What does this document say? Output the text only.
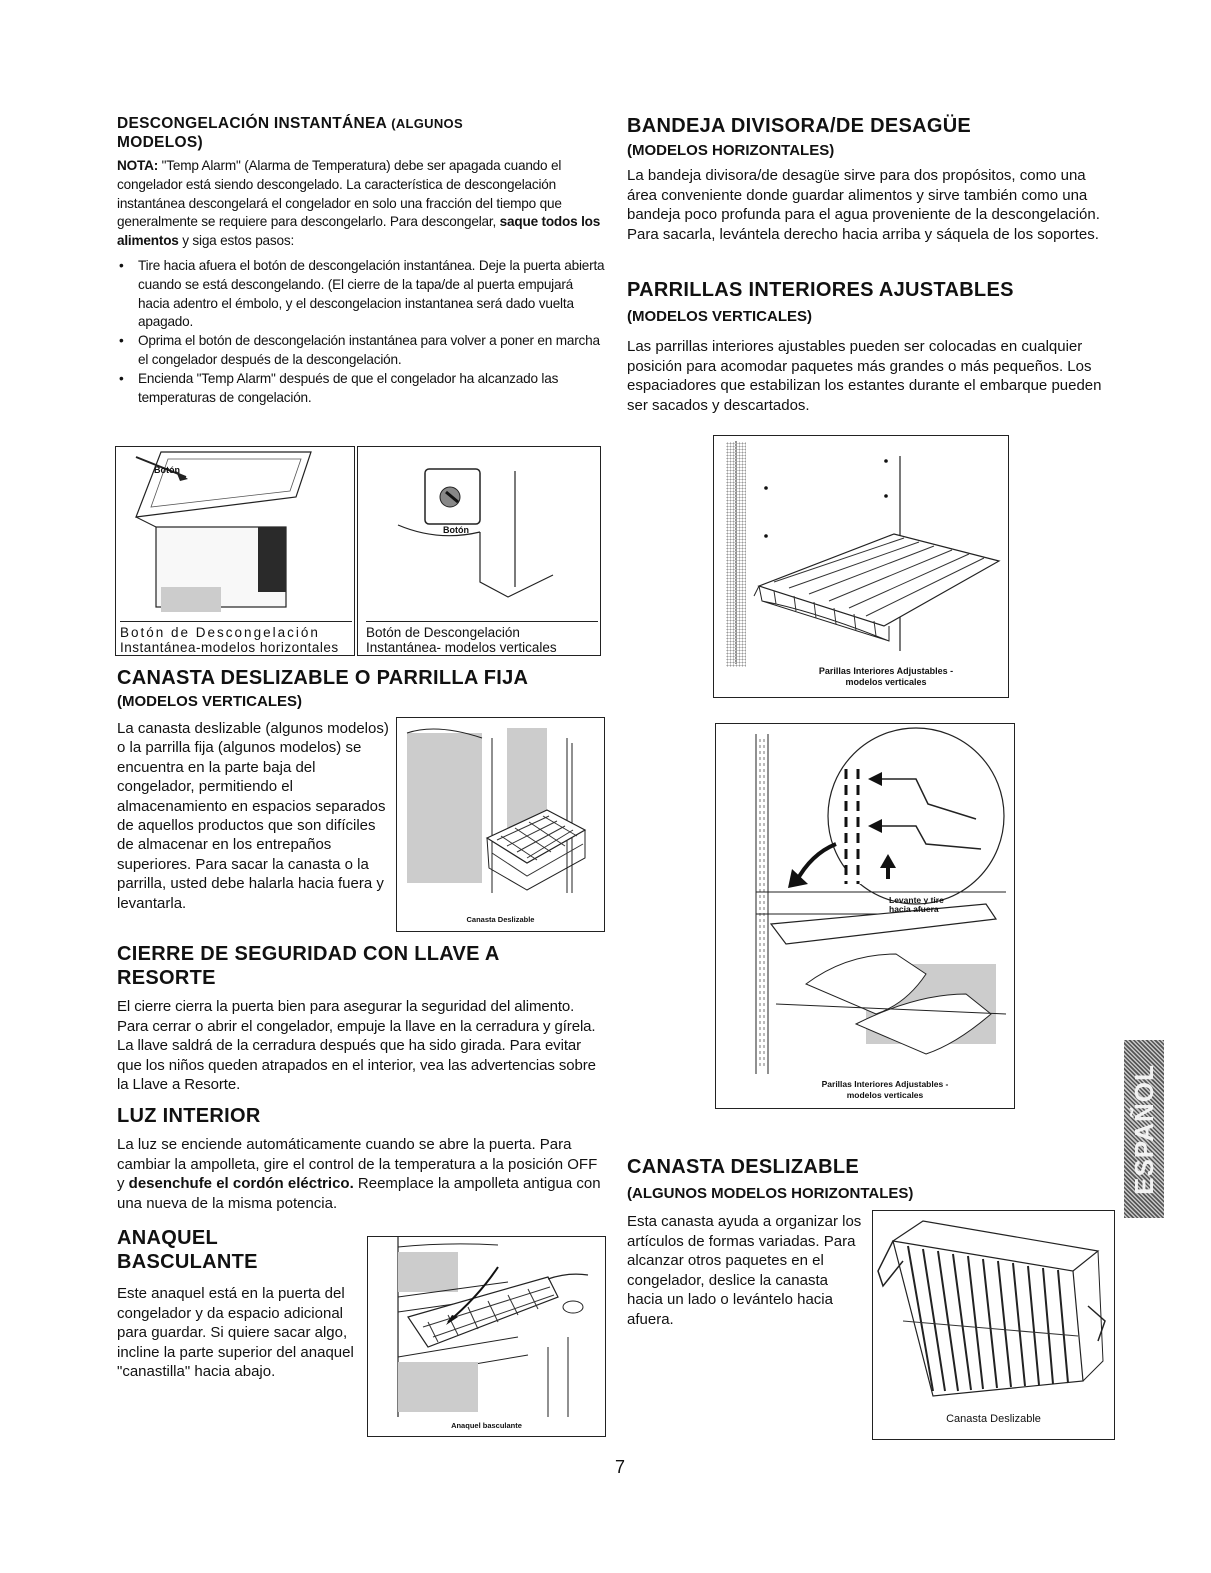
DESCONGELACIÓN INSTANTÁNEA (ALGUNOS
MODELOS)

NOTA: "Temp Alarm" (Alarma de Temperatura) debe ser apagada cuando el congelador está siendo descongelado. La característica de descongelación instantánea descongelará el congelador en solo una fracción del tiempo que generalmente se requiere para descongelarlo. Para descongelar, saque todos los alimentos y siga estos pasos:

• Tire hacia afuera el botón de descongelación instantánea. Deje la puerta abierta cuando se está descongelando. (El cierre de la tapa/de al puerta empujará hacia adentro el émbolo, y el descongelacion instantanea será dado vuelta apagado.
• Oprima el botón de descongelación instantánea para volver a poner en marcha el congelador después de la descongelación.
• Encienda "Temp Alarm" después de que el congelador ha alcanzado las temperaturas de congelación.
Botón
Botón de Descongelación
Instantánea-modelos horizontales
Botón
Botón de Descongelación
Instantánea- modelos verticales
CANASTA DESLIZABLE O PARRILLA FIJA
(MODELOS VERTICALES)

La canasta deslizable (algunos modelos) o la parrilla fija (algunos modelos) se encuentra en la parte baja del congelador, permitiendo el almacenamiento en espacios separados de aquellos productos que son difíciles de almacenar en los entrepaños superiores. Para sacar la canasta o la parrilla, usted debe halarla hacia fuera y levantarla.

Canasta Deslizable
CIERRE DE SEGURIDAD CON LLAVE A
RESORTE

El cierre cierra la puerta bien para asegurar la seguridad del alimento. Para cerrar o abrir el congelador, empuje la llave en la cerradura y gírela. La llave saldrá de la cerradura después que ha sido girada. Para evitar que los niños queden atrapados en el interior, vea las advertencias sobre la Llave a Resorte.

LUZ INTERIOR

La luz se enciende automáticamente cuando se abre la puerta. Para cambiar la ampolleta, gire el control de la temperatura a la posición OFF y desenchufe el cordón eléctrico. Reemplace la ampolleta antigua con una nueva de la misma potencia.

ANAQUEL
BASCULANTE

Este anaquel está en la puerta del congelador y da espacio adicional para guardar. Si quiere sacar algo, incline la parte superior del anaquel "canastilla" hacia abajo.

Anaquel basculante
BANDEJA DIVISORA/DE DESAGÜE
(MODELOS HORIZONTALES)

La bandeja divisora/de desagüe sirve para dos propósitos, como una área conveniente donde guardar alimentos y sirve también como una bandeja poco profunda para el agua proveniente de la descongelación. Para sacarla, levántela derecho hacia arriba y sáquela de los soportes.

PARRILLAS INTERIORES AJUSTABLES
(MODELOS VERTICALES)

Las parrillas interiores ajustables pueden ser colocadas en cualquier posición para acomodar paquetes más grandes o más pequeños. Los espaciadores que estabilizan los estantes durante el embarque pueden ser sacados y descartados.

Parillas Interiores Adjustables -
modelos verticales
Levante y tire
hacia afuera
Parillas Interiores Adjustables -
modelos verticales
CANASTA DESLIZABLE
(ALGUNOS MODELOS HORIZONTALES)

Esta canasta ayuda a organizar los artículos de formas variadas. Para alcanzar otros paquetes en el congelador, deslice la canasta hacia un lado o levántelo hacia afuera.

Canasta Deslizable
ESPAÑOL
7
